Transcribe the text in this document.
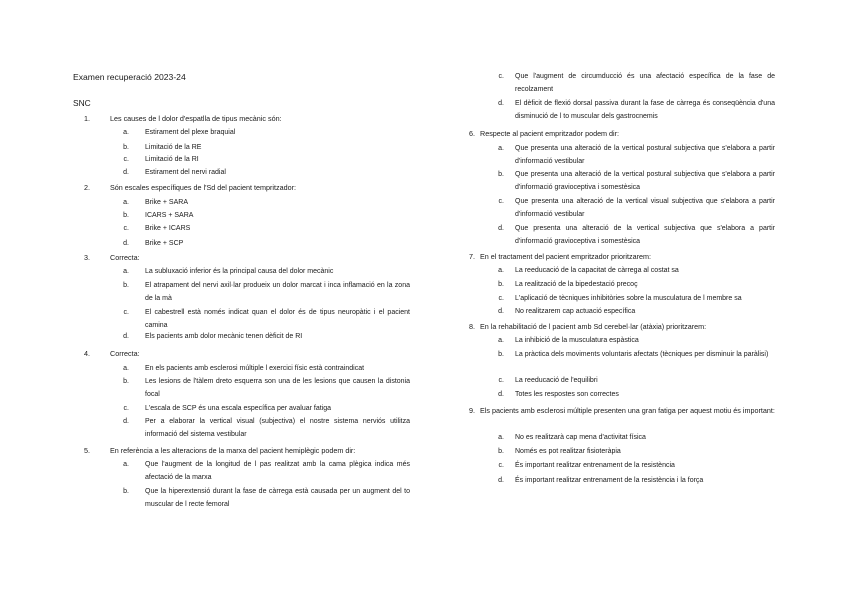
Examen recuperació 2023-24
SNC
1.	Les causes de l dolor d'espatlla de tipus mecànic són:
a. Estirament del plexe braquial
b. Limitació de la RE
c. Limitació de la RI
d. Estirament del nervi radial
2.	Són escales específiques de l'Sd del pacient tempritzador:
a. Brike + SARA
b. ICARS + SARA
c. Brike + ICARS
d. Brike + SCP
3.	Correcta:
a. La subluxació inferior és la principal causa del dolor mecànic
b. El atrapament del nervi axil·lar produeix un dolor marcat i inca inflamació en la zona de la mà
c. El cabestrell està només indicat quan el dolor és de tipus neuropàtic i el pacient camina
d. Els pacients amb dolor mecànic tenen dèficit de RI
4.	Correcta:
a. En els pacients amb esclerosi múltiple l exercici físic està contraindicat
b. Les lesions de l'tàlem dreto esquerra son una de les lesions que causen la distonia focal
c. L'escala de SCP és una escala específica per avaluar fatiga
d. Per a elaborar la vertical visual (subjectiva) el nostre sistema nerviós utilitza informació del sistema vestibular
5.	En referència a les alteracions de la marxa del pacient hemiplègic podem dir:
a. Que l'augment de la longitud de l pas realitzat amb la cama plègica indica més afectació de la marxa
b. Que la hiperextensió durant la fase de càrrega està causada per un augment del to muscular de l recte femoral
c. Que l'augment de circumducció és una afectació específica de la fase de recolzament
d. El dèficit de flexió dorsal passiva durant la fase de càrrega és conseqüència d'una disminució de l to muscular dels gastrocnemis
6. Respecte al pacient empritzador podem dir:
a. Que presenta una alteració de la vertical postural subjectiva que s'elabora a partir d'informació vestibular
b. Que presenta una alteració de la vertical postural subjectiva que s'elabora a partir d'informació gravioceptiva i somestèsica
c. Que presenta una alteració de la vertical visual subjectiva que s'elabora a partir d'informació vestibular
d. Que presenta una alteració de la vertical subjectiva que s'elabora a partir d'informació gravioceptiva i somestèsica
7. En el tractament del pacient empritzador prioritzarem:
a. La reeducació de la capacitat de càrrega al costat sa
b. La realització de la bipedestació precoç
c. L'aplicació de tècniques inhibitòries sobre la musculatura de l membre sa
d. No realitzarem cap actuació específica
8. En la rehabilitació de l pacient amb Sd cerebel·lar (atàxia) prioritzarem:
a. La inhibició de la musculatura espàstica
b. La pràctica dels moviments voluntaris afectats (tècniques per disminuir la paràlisi)
c. La reeducació de l'equilibri
d. Totes les respostes son correctes
9. Els pacients amb esclerosi múltiple presenten una gran fatiga per aquest motiu és important:
a. No es realitzarà cap mena d'activitat física
b. Només es pot realitzar fisioteràpia
c. És important realitzar entrenament de la resistència
d. És important realitzar entrenament de la resistència i la força
